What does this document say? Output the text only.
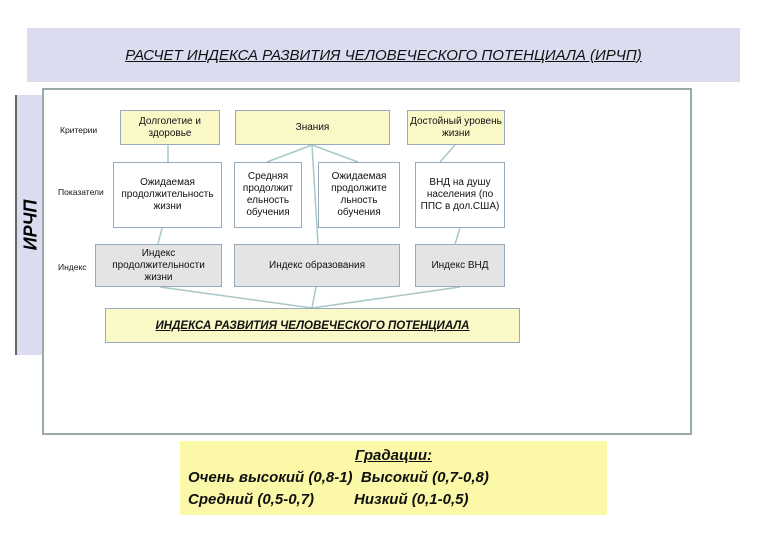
РАСЧЕТ ИНДЕКСА РАЗВИТИЯ ЧЕЛОВЕЧЕСКОГО ПОТЕНЦИАЛА (ИРЧП)
ИРЧП
Критерии
Показатели
Индекс
Долголетие и здоровье
Знания
Достойный уровень жизни
Ожидаемая продолжительность жизни
Средняя продолжит ельность обучения
Ожидаемая продолжите льность обучения
ВНД на душу населения (по ППС в дол.США)
Индекс продолжительности жизни
Индекс образования	Индекс ВНД
ИНДЕКСА РАЗВИТИЯ ЧЕЛОВЕЧЕСКОГО ПОТЕНЦИАЛА
Градации:
Очень высокий (0,8-1) Высокий (0,7-0,8)
Средний (0,5-0,7)	Низкий (0,1-0,5)
